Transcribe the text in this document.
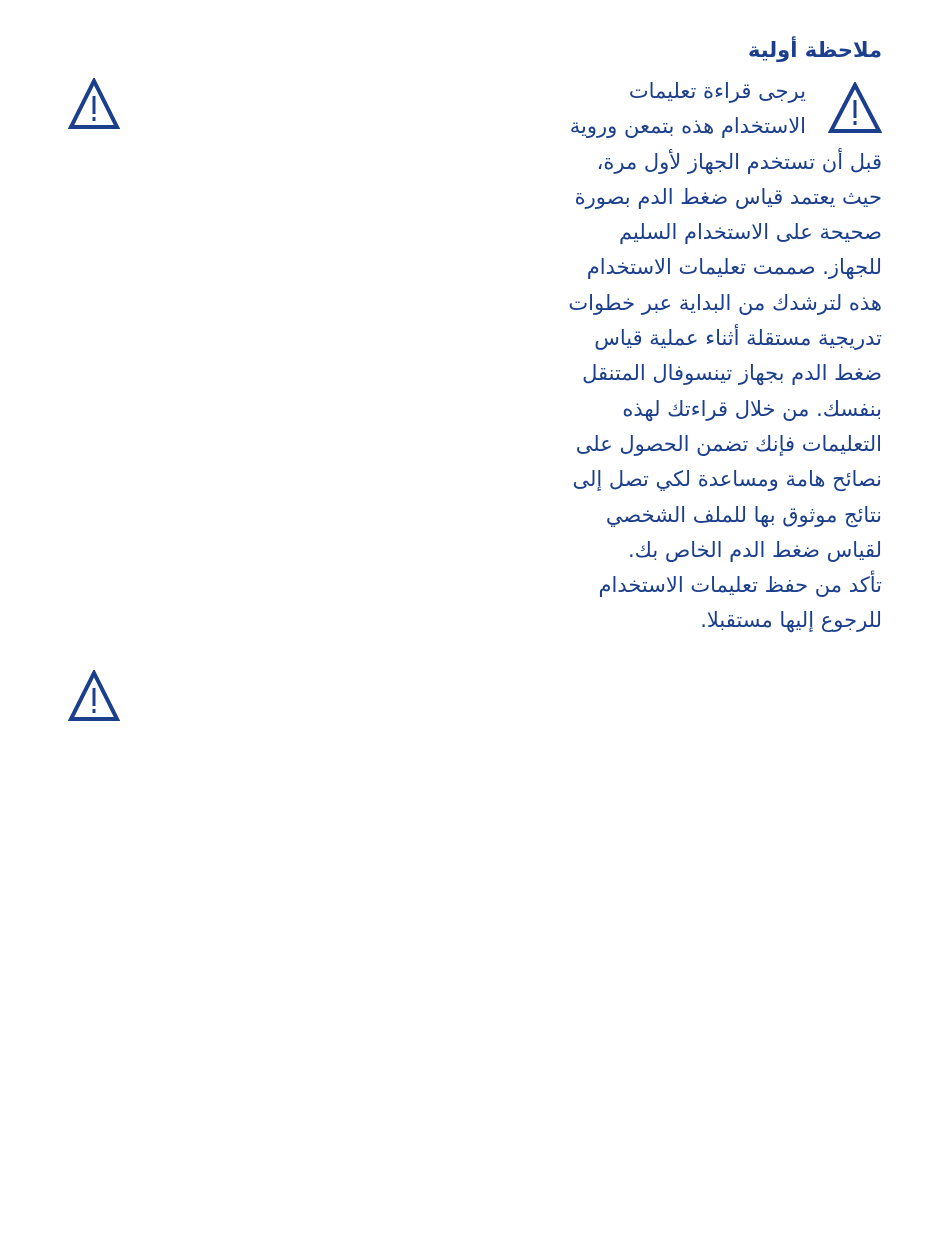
ملاحظة أولية
يرجى قراءة تعليمات
الاستخدام هذه بتمعن وروية
قبل أن تستخدم الجهاز لأول مرة،
حيث يعتمد قياس ضغط الدم بصورة
صحيحة على الاستخدام السليم
للجهاز. صممت تعليمات الاستخدام
هذه لترشدك من البداية عبر خطوات
تدريجية مستقلة أثناء عملية قياس
ضغط الدم بجهاز تينسوفال المتنقل
بنفسك. من خلال قراءتك لهذه
التعليمات فإنك تضمن الحصول على
نصائح هامة ومساعدة لكي تصل إلى
نتائج موثوق بها للملف الشخصي
لقياس ضغط الدم الخاص بك.
تأكد من حفظ تعليمات الاستخدام
للرجوع إليها مستقبلا.
